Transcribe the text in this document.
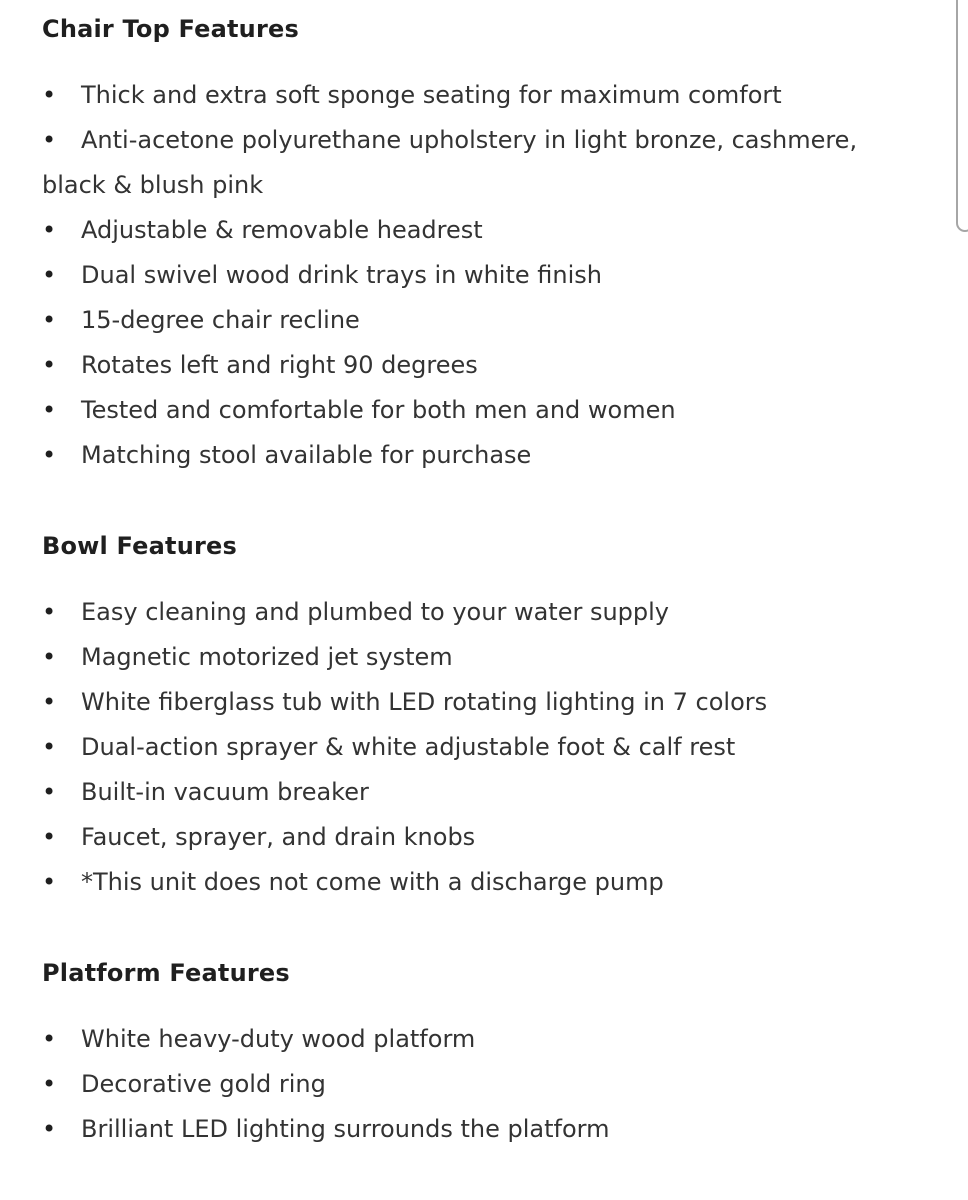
Chair Top Features
• Thick and extra soft sponge seating for maximum comfort
• Anti-acetone polyurethane upholstery in light bronze, cashmere, black & blush pink
• Adjustable & removable headrest
• Dual swivel wood drink trays in white finish
• 15-degree chair recline
• Rotates left and right 90 degrees
• Tested and comfortable for both men and women
• Matching stool available for purchase
Bowl Features
• Easy cleaning and plumbed to your water supply
• Magnetic motorized jet system
• White fiberglass tub with LED rotating lighting in 7 colors
• Dual-action sprayer & white adjustable foot & calf rest
• Built-in vacuum breaker
• Faucet, sprayer, and drain knobs
• *This unit does not come with a discharge pump
Platform Features
• White heavy-duty wood platform
• Decorative gold ring
• Brilliant LED lighting surrounds the platform
